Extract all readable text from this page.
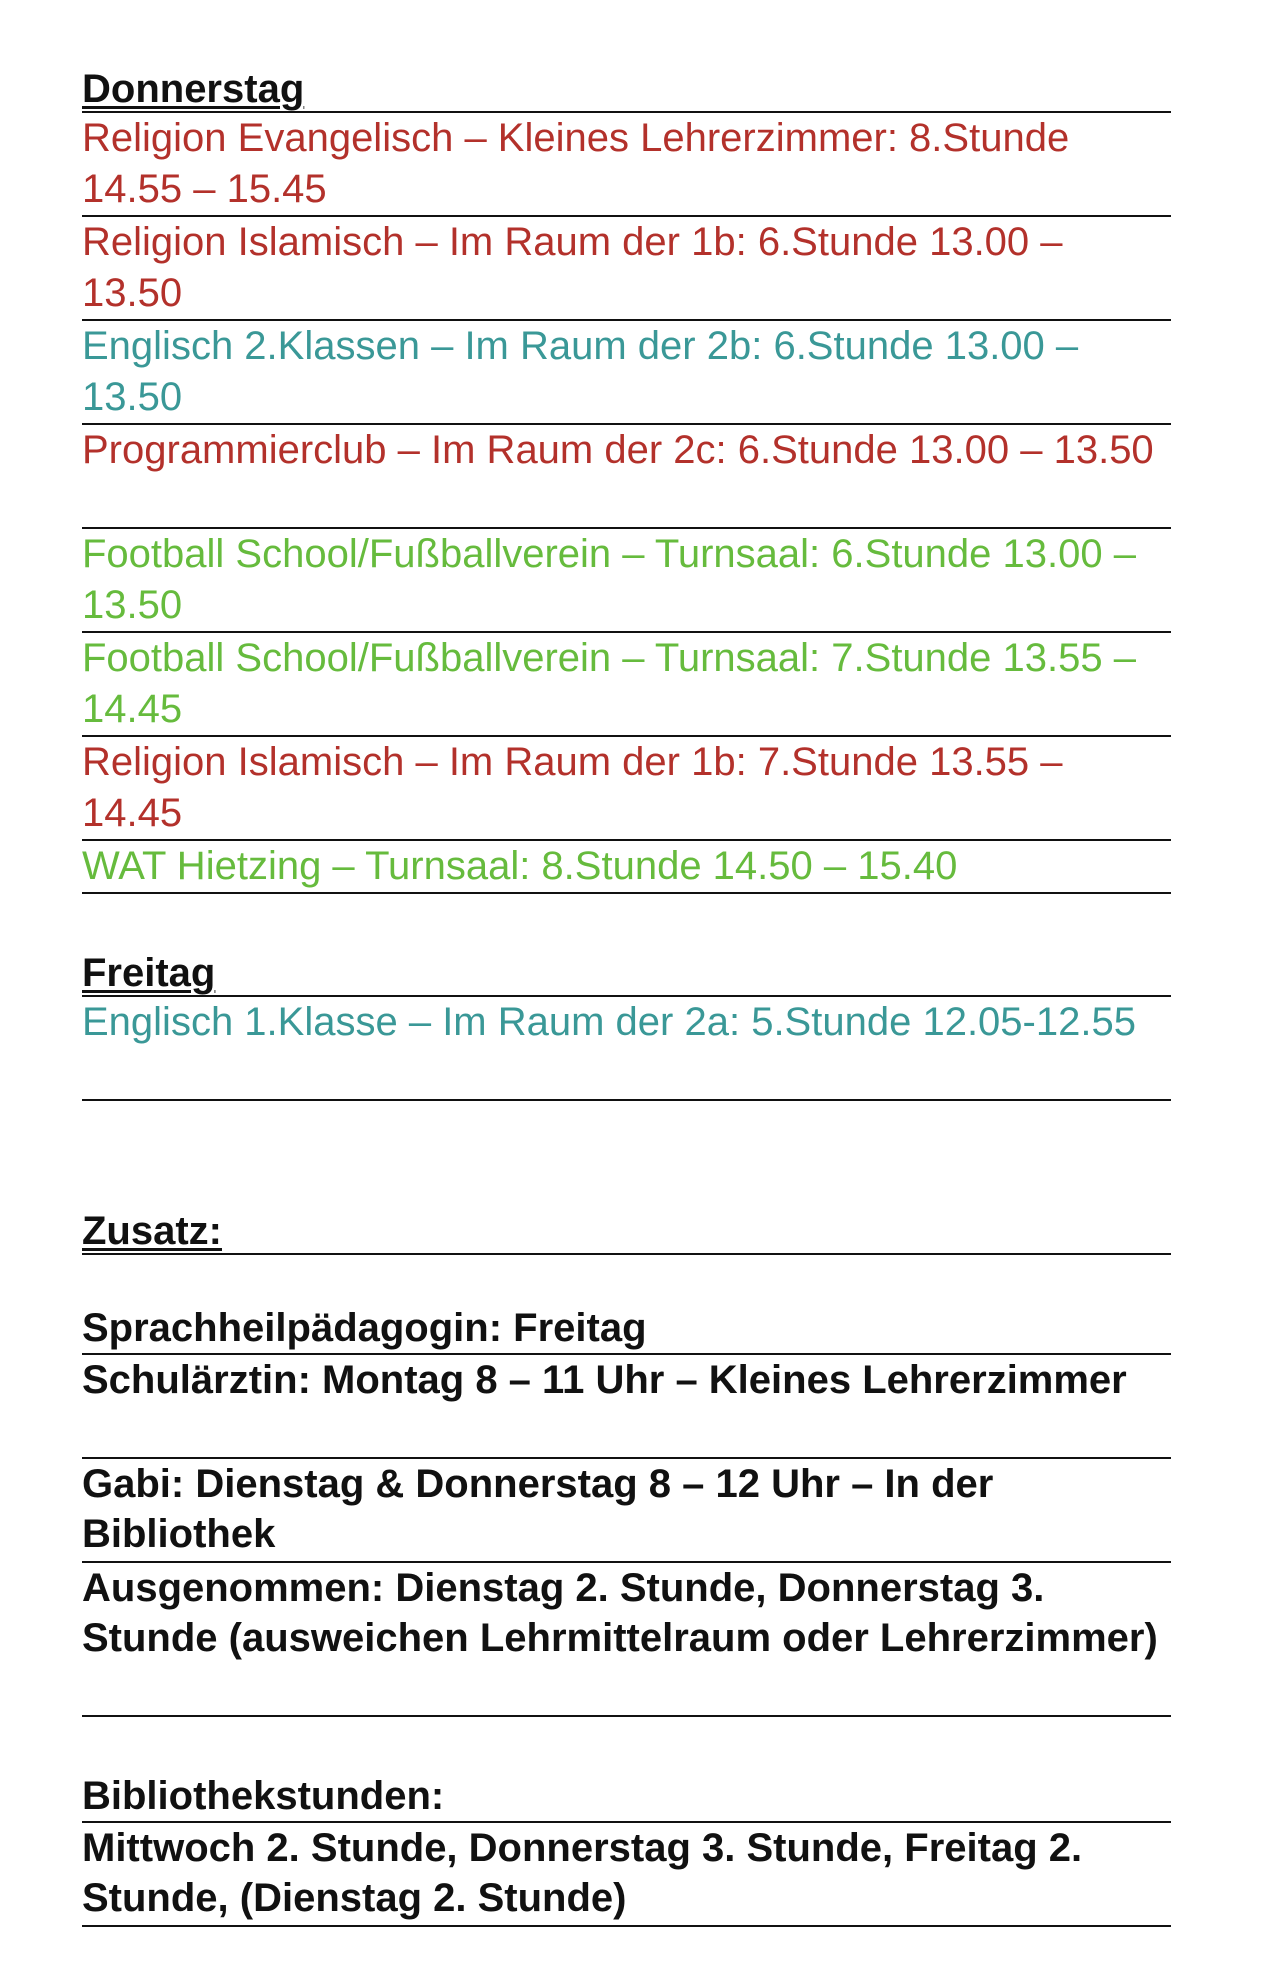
Donnerstag
Religion Evangelisch – Kleines Lehrerzimmer: 8.Stunde 14.55 – 15.45
Religion Islamisch – Im Raum der 1b: 6.Stunde 13.00 – 13.50
Englisch 2.Klassen – Im Raum der 2b: 6.Stunde 13.00 – 13.50
Programmierclub – Im Raum der 2c: 6.Stunde 13.00 – 13.50
Football School/Fußballverein – Turnsaal: 6.Stunde 13.00 – 13.50
Football School/Fußballverein – Turnsaal: 7.Stunde 13.55 – 14.45
Religion Islamisch – Im Raum der 1b: 7.Stunde 13.55 – 14.45
WAT Hietzing – Turnsaal: 8.Stunde 14.50 – 15.40
Freitag
Englisch 1.Klasse – Im Raum der 2a: 5.Stunde 12.05-12.55
Zusatz:
Sprachheilpädagogin: Freitag
Schulärztin: Montag 8 – 11 Uhr – Kleines Lehrerzimmer
Gabi: Dienstag & Donnerstag 8 – 12 Uhr – In der Bibliothek
Ausgenommen: Dienstag 2. Stunde, Donnerstag 3. Stunde (ausweichen Lehrmittelraum oder Lehrerzimmer)
Bibliothekstunden:
Mittwoch 2. Stunde, Donnerstag 3. Stunde, Freitag 2. Stunde, (Dienstag 2. Stunde)
